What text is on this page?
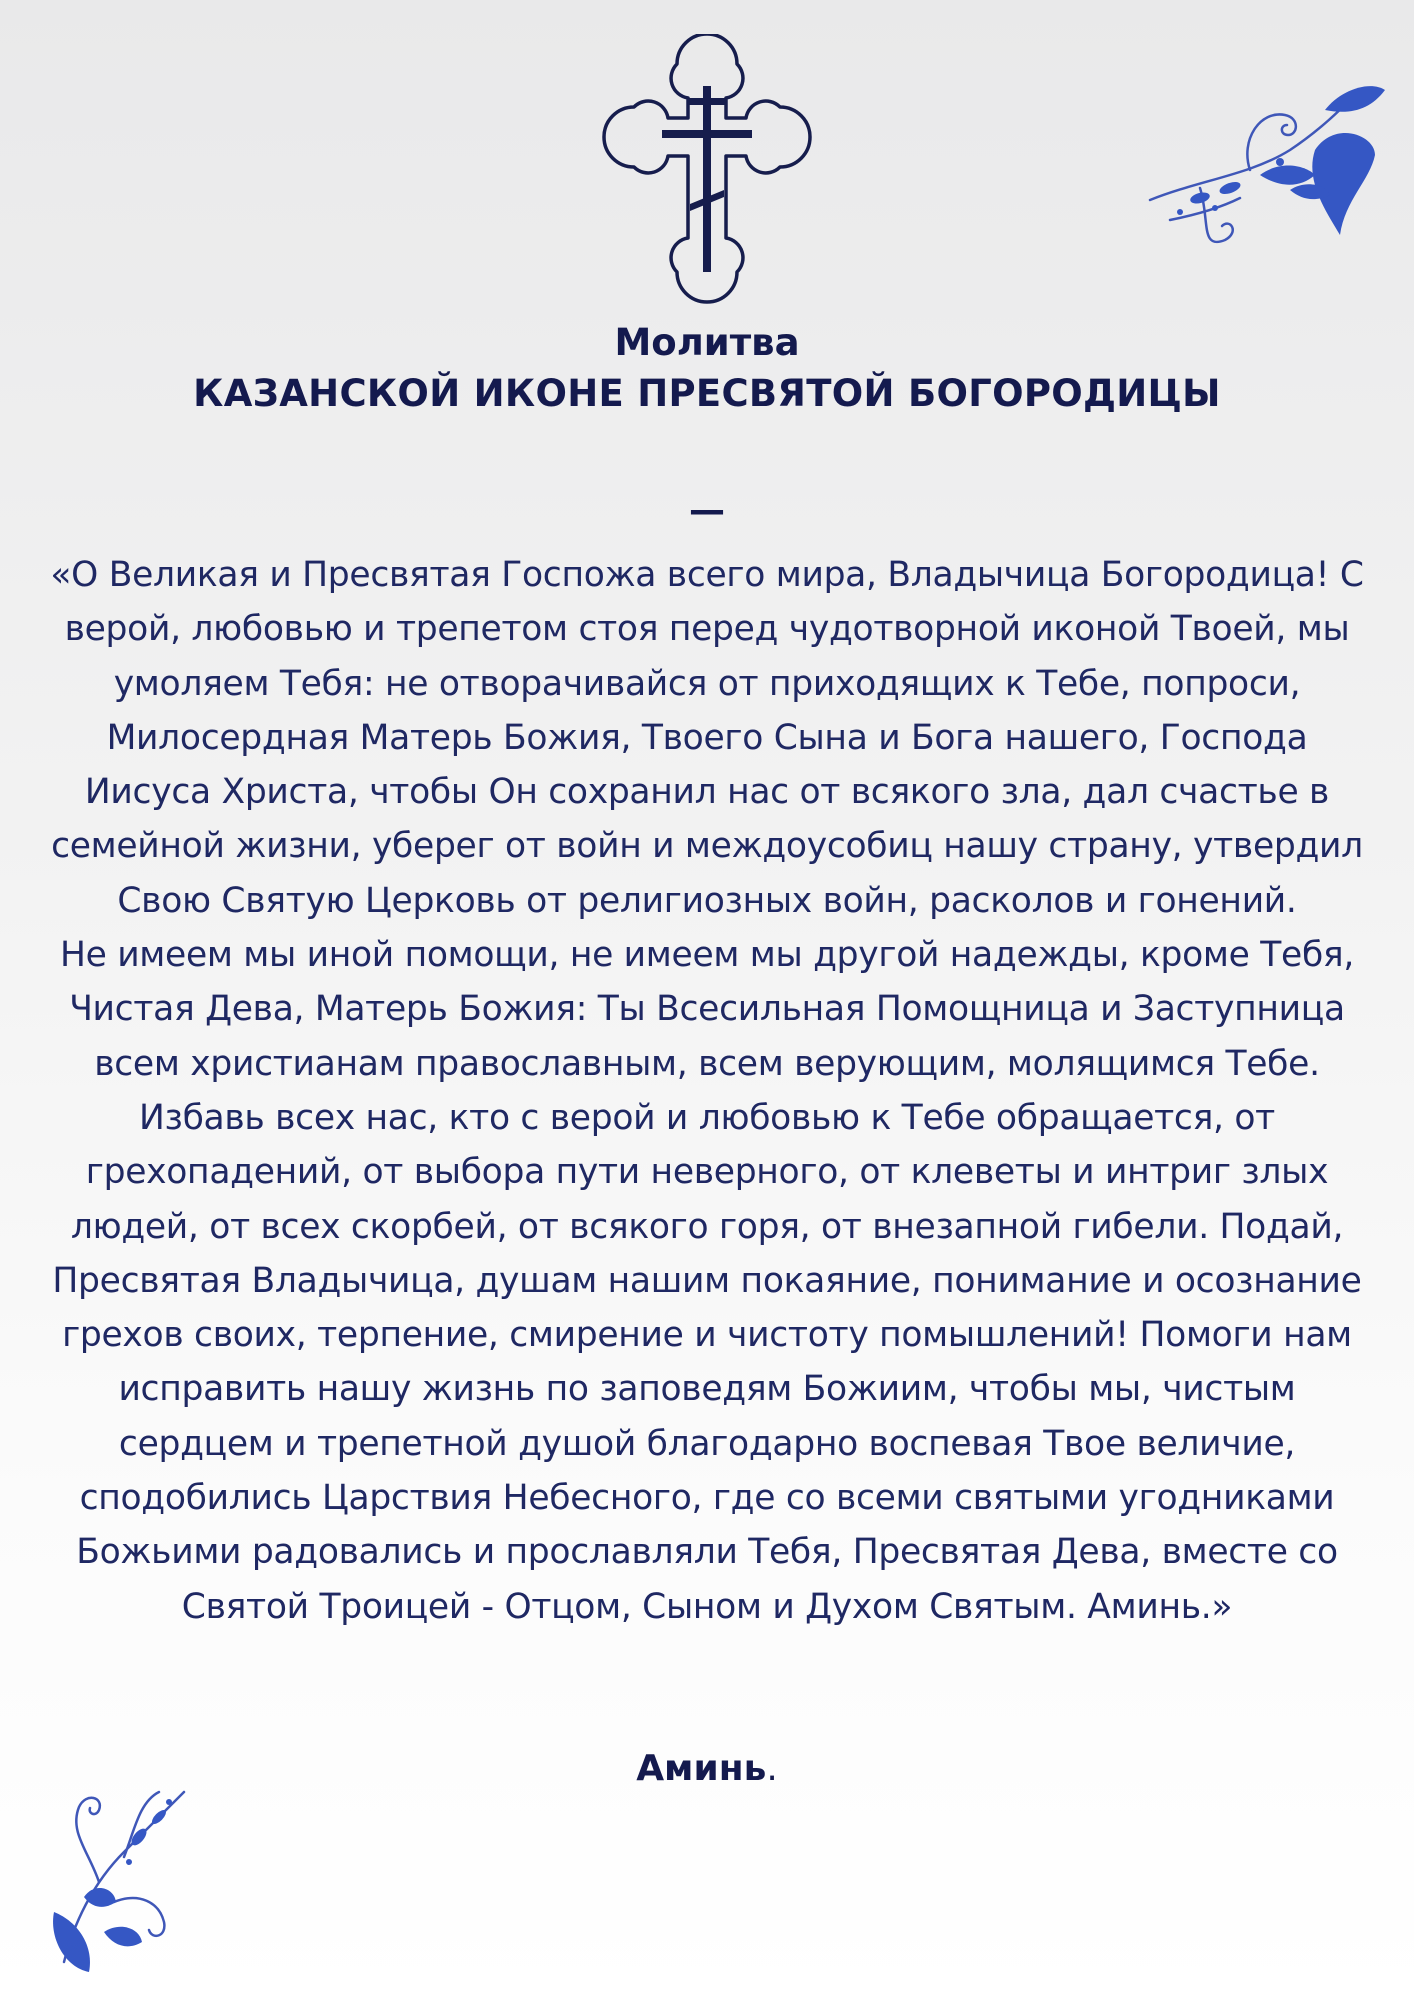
Молитва
КАЗАНСКОЙ ИКОНЕ ПРЕСВЯТОЙ БОГОРОДИЦЫ
—
«О Великая и Пресвятая Госпожа всего мира, Владычица Богородица! С
верой, любовью и трепетом стоя перед чудотворной иконой Твоей, мы
умоляем Тебя: не отворачивайся от приходящих к Тебе, попроси,
Милосердная Матерь Божия, Твоего Сына и Бога нашего, Господа
Иисуса Христа, чтобы Он сохранил нас от всякого зла, дал счастье в
семейной жизни, уберег от войн и междоусобиц нашу страну, утвердил
Свою Святую Церковь от религиозных войн, расколов и гонений.
Не имеем мы иной помощи, не имеем мы другой надежды, кроме Тебя,
Чистая Дева, Матерь Божия: Ты Всесильная Помощница и Заступница
всем христианам православным, всем верующим, молящимся Тебе.
Избавь всех нас, кто с верой и любовью к Тебе обращается, от
грехопадений, от выбора пути неверного, от клеветы и интриг злых
людей, от всех скорбей, от всякого горя, от внезапной гибели. Подай,
Пресвятая Владычица, душам нашим покаяние, понимание и осознание
грехов своих, терпение, смирение и чистоту помышлений! Помоги нам
исправить нашу жизнь по заповедям Божиим, чтобы мы, чистым
сердцем и трепетной душой благодарно воспевая Твое величие,
сподобились Царствия Небесного, где со всеми святыми угодниками
Божьими радовались и прославляли Тебя, Пресвятая Дева, вместе со
Святой Троицей - Отцом, Сыном и Духом Святым. Аминь.»
Аминь.
